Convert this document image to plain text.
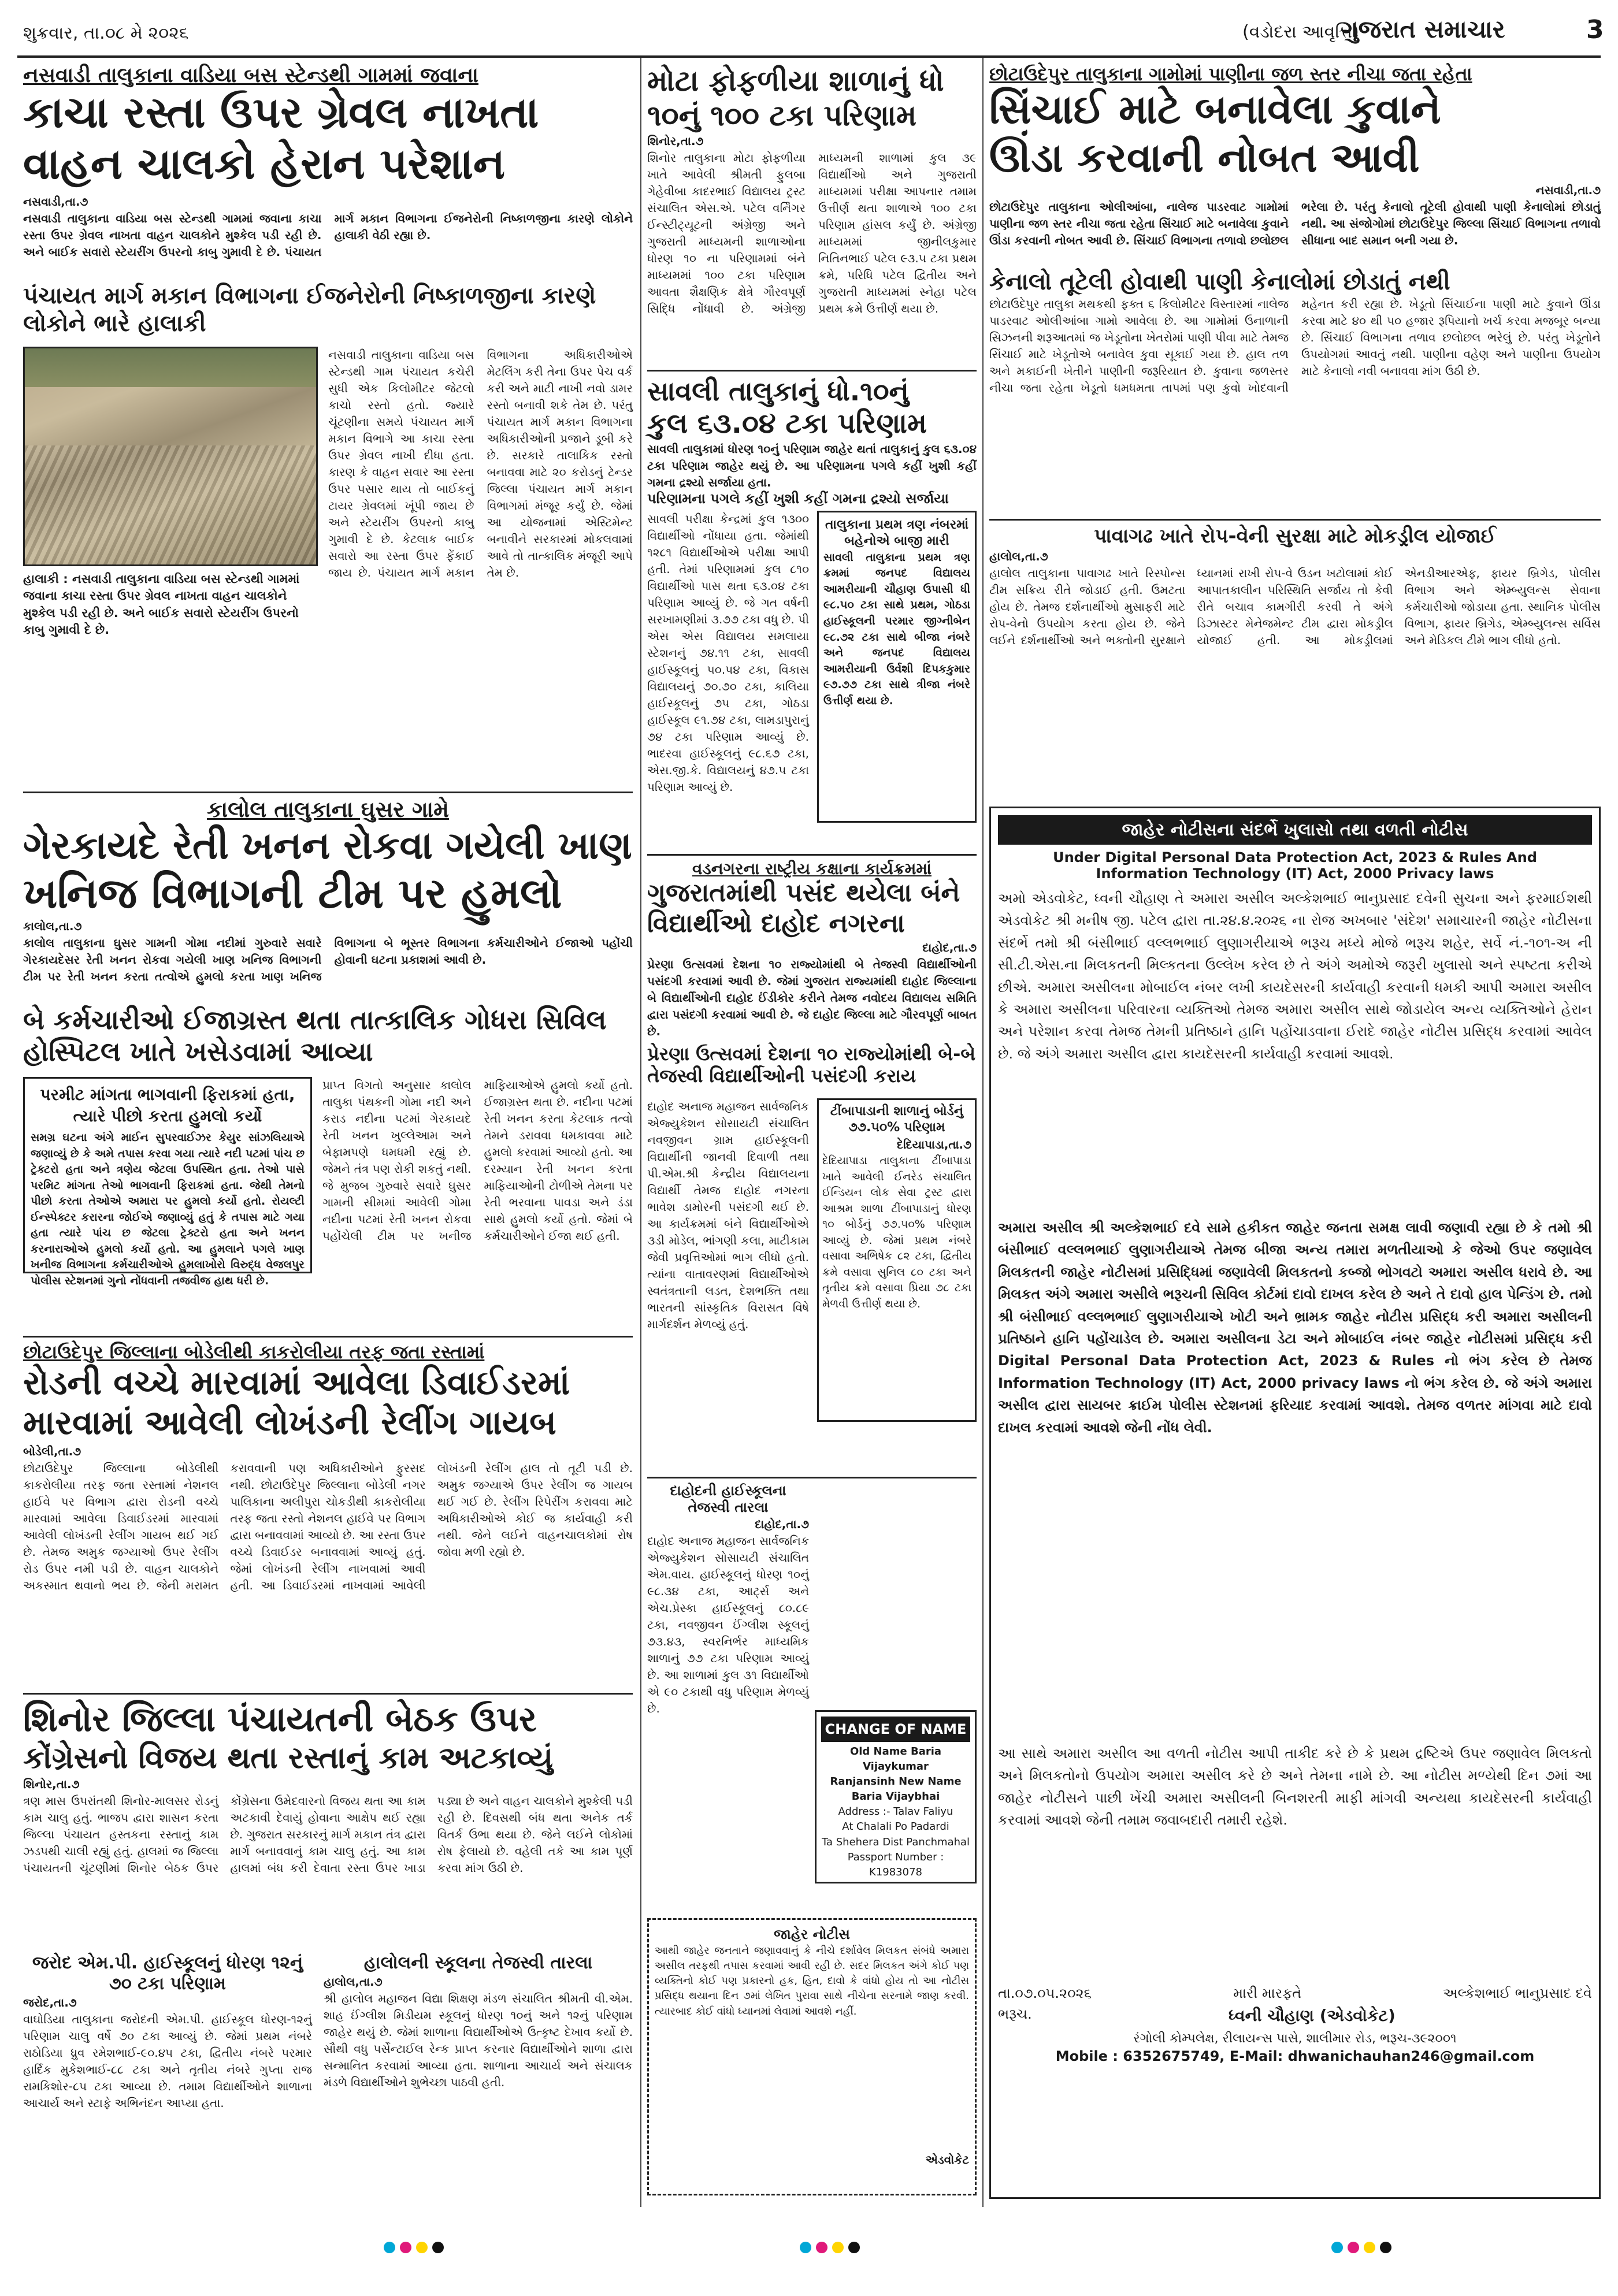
શુક્રવાર, તા.૦૮ મે ૨૦૨૬	(વડોદરા આવૃત્તિ)
ગુજરાત સમાચાર	3
નસવાડી તાલુકાના વાડિયા બસ સ્ટેન્ડથી ગામમાં જવાના
કાચા રસ્તા ઉપર ગ્રેવલ નાખતા
વાહન ચાલકો હેરાન પરેશાન
નસવાડી,તા.૭
નસવાડી તાલુકાના વાડિયા બસ સ્ટેન્ડથી ગામમાં જવાના કાચા રસ્તા ઉપર ગ્રેવલ નાખતા વાહન ચાલકોને મુશ્કેલ પડી રહી છે. અને બાઈક સવારો સ્ટેયરીંગ ઉપરનો કાબુ ગુમાવી દે છે. પંચાયત માર્ગ મકાન વિભાગના ઈજનેરોની નિષ્કાળજીના કારણે લોકોને હાલાકી વેઠી રહ્યા છે.
પંચાયત માર્ગ મકાન વિભાગના ઈજનેરોની નિષ્કાળજીના કારણે લોકોને ભારે હાલાકી
હાલાકી : નસવાડી તાલુકાના વાડિયા બસ સ્ટેન્ડથી ગામમાં જવાના કાચા રસ્તા ઉપર ગ્રેવલ નાખતા વાહન ચાલકોને મુશ્કેલ પડી રહી છે. અને બાઈક સવારો સ્ટેયરીંગ ઉપરનો કાબુ ગુમાવી દે છે.
નસવાડી તાલુકાના વાડિયા બસ સ્ટેન્ડથી ગામ પંચાયત કચેરી સુધી એક કિલોમીટર જેટલો કાચો રસ્તો હતો. જ્યારે ચૂંટણીના સમયે પંચાયત માર્ગ મકાન વિભાગે આ કાચા રસ્તા ઉપર ગ્રેવલ નાખી દીધા હતા. કારણ કે વાહન સવાર આ રસ્તા ઉપર પસાર થાય તો બાઈકનું ટાયર ગ્રેવલમાં ખૂંપી જાય છે અને સ્ટેયરીંગ ઉપરનો કાબુ ગુમાવી દે છે. કેટલાક બાઈક સવારો આ રસ્તા ઉપર ફેંકાઈ જાય છે. પંચાયત માર્ગ મકાન વિભાગના અધિકારીઓએ મેટલિંગ કરી તેના ઉપર પેચ વર્ક કરી અને માટી નાખી નવો ડામર રસ્તો બનાવી શકે તેમ છે. પરંતુ પંચાયત માર્ગ મકાન વિભાગના અધિકારીઓની પ્રજાને ડૂબી કરે છે. સરકારે તાલાકિક રસ્તો બનાવવા માટે ૨૦ કરોડનું ટેન્ડર જિલ્લા પંચાયત માર્ગ મકાન વિભાગમાં મંજૂર કર્યું છે. જેમાં આ યોજનામાં એસ્ટિમેન્ટ બનાવીને સરકારમાં મોકલવામાં આવે તો તાત્કાલિક મંજૂરી આપે તેમ છે.
કાલોલ તાલુકાના ઘુસર ગામે
ગેરકાયદે રેતી ખનન રોકવા ગયેલી ખાણ
ખનિજ વિભાગની ટીમ પર હુમલો
કાલોલ,તા.૭
કાલોલ તાલુકાના ઘુસર ગામની ગોમા નદીમાં ગુરુવારે સવારે ગેરકાયદેસર રેતી ખનન રોકવા ગયેલી ખાણ ખનિજ વિભાગની ટીમ પર રેતી ખનન કરતા તત્વોએ હુમલો કરતા ખાણ ખનિજ વિભાગના બે ભૂસ્તર વિભાગના કર્મચારીઓને ઈજાઓ પહોંચી હોવાની ઘટના પ્રકાશમાં આવી છે.
બે કર્મચારીઓ ઈજાગ્રસ્ત થતા તાત્કાલિક ગોધરા સિવિલ હોસ્પિટલ ખાતે ખસેડવામાં આવ્યા
પરમીટ માંગતા ભાગવાની ફિરાકમાં હતા, ત્યારે પીછો કરતા હુમલો કર્યો
સમગ્ર ઘટના અંગે માઈન સુપરવાઈઝર કેયુર સાંઝલિયાએ જણાવ્યું છે કે અમે તપાસ કરવા ગયા ત્યારે નદી પટમાં પાંચ છ ટ્રેક્ટરો હતા અને ત્રણેય જેટલા ઉપસ્થિત હતા. તેઓ પાસે પરમિટ માંગતા તેઓ ભાગવાની ફિરાકમાં હતા. જેથી તેમનો પીછો કરતા તેઓએ અમારા પર હુમલો કર્યો હતો. રોયલ્ટી ઈન્સ્પેક્ટર કરારના જોઈએ જણાવ્યું હતું કે તપાસ માટે ગયા હતા ત્યારે પાંચ છ જેટલા ટ્રેક્ટરો હતા અને ખનન કરનારાઓએ હુમલો કર્યો હતો. આ હુમલાને પગલે ખાણ ખનીજ વિભાગના કર્મચારીઓએ હુમલાખોરો વિરુદ્ધ વેજલપુર પોલીસ સ્ટેશનમાં ગુનો નોંધવાની તજવીજ હાથ ધરી છે.
પ્રાપ્ત વિગતો અનુસાર કાલોલ તાલુકા પંથકની ગોમા નદી અને કરાડ નદીના પટમાં ગેરકાયદે રેતી ખનન ખુલ્લેઆમ અને બેફામપણે ધમધમી રહ્યું છે. જેમને તંત્ર પણ રોકી શકતું નથી. જે મુજબ ગુરુવારે સવારે ઘુસર ગામની સીમમાં આવેલી ગોમા નદીના પટમાં રેતી ખનન રોકવા પહોંચેલી ટીમ પર ખનીજ માફિયાઓએ હુમલો કર્યો હતો. ઈજાગ્રસ્ત થતા છે. નદીના પટમાં રેતી ખનન કરતા કેટલાક તત્વો તેમને ડરાવવા ધમકાવવા માટે હુમલો કરવામાં આવ્યો હતો. આ દરમ્યાન રેતી ખનન કરતા માફિયાઓની ટોળીએ તેમના પર રેતી ભરવાના પાવડા અને ડંડા સાથે હુમલો કર્યો હતો. જેમાં બે કર્મચારીઓને ઈજા થઈ હતી.
છોટાઉદેપુર જિલ્લાના બોડેલીથી કાકરોલીયા તરફ જતા રસ્તામાં
રોડની વચ્ચે મારવામાં આવેલા ડિવાઈડરમાં
મારવામાં આવેલી લોખંડની રેલીંગ ગાયબ
બોડેલી,તા.૭
છોટાઉદેપુર જિલ્લાના બોડેલીથી કાકરોલીયા તરફ જતા રસ્તામાં નેશનલ હાઈવે પર વિભાગ દ્વારા રોડની વચ્ચે મારવામાં આવેલા ડિવાઈડરમાં મારવામાં આવેલી લોખંડની રેલીંગ ગાયબ થઈ ગઈ છે. તેમજ અમુક જગ્યાઓ ઉપર રેલીંગ રોડ ઉપર નમી પડી છે. વાહન ચાલકોને અકસ્માત થવાનો ભય છે. જેની મરામત કરાવવાની પણ અધિકારીઓને ફુરસદ નથી. છોટાઉદેપુર જિલ્લાના બોડેલી નગર પાલિકાના અલીપુરા ચોકડીથી કાકરોલીયા તરફ જતા રસ્તો નેશનલ હાઈવે પર વિભાગ દ્વારા બનાવવામાં આવ્યો છે. આ રસ્તા ઉપર વચ્ચે ડિવાઈડર બનાવવામાં આવ્યું હતું. જેમાં લોખંડની રેલીંગ નાખવામાં આવી હતી. આ ડિવાઈડરમાં નાખવામાં આવેલી લોખંડની રેલીંગ હાલ તો તૂટી પડી છે. અમુક જગ્યાએ ઉપર રેલીંગ જ ગાયબ થઈ ગઈ છે. રેલીંગ રિપેરીંગ કરાવવા માટે અધિકારીઓએ કોઈ જ કાર્યવાહી કરી નથી. જેને લઈને વાહનચાલકોમાં રોષ જોવા મળી રહ્યો છે.
શિનોર જિલ્લા પંચાયતની બેઠક ઉપર
કોંગ્રેસનો વિજય થતા રસ્તાનું કામ અટકાવ્યું
શિનોર,તા.૭
ત્રણ માસ ઉપરાંતથી શિનોર-માલસર રોડનું કામ ચાલુ હતું. ભાજપ દ્વારા શાસન કરતા જિલ્લા પંચાયત હસ્તકના રસ્તાનું કામ ઝડપથી ચાલી રહ્યું હતું. હાલમાં જ જિલ્લા પંચાયતની ચૂંટણીમાં શિનોર બેઠક ઉપર કોંગ્રેસના ઉમેદવારનો વિજય થતા આ કામ અટકાવી દેવાયું હોવાના આક્ષેપ થઈ રહ્યા છે. ગુજરાત સરકારનું માર્ગ મકાન તંત્ર દ્વારા માર્ગ બનાવવાનું કામ ચાલુ હતું. આ કામ હાલમાં બંધ કરી દેવાતા રસ્તા ઉપર ખાડા પડ્યા છે અને વાહન ચાલકોને મુશ્કેલી પડી રહી છે. દિવસથી બંધ થતા અનેક તર્ક વિતર્ક ઉભા થયા છે. જેને લઈને લોકોમાં રોષ ફેલાયો છે. વહેલી તકે આ કામ પૂર્ણ કરવા માંગ ઉઠી છે.
જરોદ એમ.પી. હાઈસ્કૂલનું ધોરણ ૧૨નું ૭૦ ટકા પરિણામ
જરોદ,તા.૭
વાઘોડિયા તાલુકાના જરોદની એમ.પી. હાઈસ્કૂલ ધોરણ-૧૨નું પરિણામ ચાલુ વર્ષે ૭૦ ટકા આવ્યું છે. જેમાં પ્રથમ નંબરે રાઠોડિયા ધ્રુવ રમેશભાઈ-૯૦.૪૫ ટકા, દ્વિતીય નંબરે પરમાર હાર્દિક મુકેશભાઈ-૮૮ ટકા અને તૃતીય નંબરે ગુપ્તા રાજ રામકિશોર-૮૫ ટકા આવ્યા છે. તમામ વિદ્યાર્થીઓને શાળાના આચાર્ય અને સ્ટાફે અભિનંદન આપ્યા હતા.
હાલોલની સ્કૂલના તેજસ્વી તારલા
હાલોલ,તા.૭
શ્રી હાલોલ મહાજન વિદ્યા શિક્ષણ મંડળ સંચાલિત શ્રીમતી વી.એમ. શાહ ઈંગ્લીશ મિડીયમ સ્કૂલનું ધોરણ ૧૦નું અને ૧૨નું પરિણામ જાહેર થયું છે. જેમાં શાળાના વિદ્યાર્થીઓએ ઉત્કૃષ્ટ દેખાવ કર્યો છે. સૌથી વધુ પર્સેન્ટાઈલ રેન્ક પ્રાપ્ત કરનાર વિદ્યાર્થીઓને શાળા દ્વારા સન્માનિત કરવામાં આવ્યા હતા. શાળાના આચાર્ય અને સંચાલક મંડળે વિદ્યાર્થીઓને શુભેચ્છા પાઠવી હતી.
મોટા ફોફળીયા શાળાનું ધો
૧૦નું ૧૦૦ ટકા પરિણામ
શિનોર,તા.૭
શિનોર તાલુકાના મોટા ફોફળીયા ખાતે આવેલી શ્રીમતી ફુલબા ગેહેવીબા કાદરભાઈ વિદ્યાલય ટ્રસ્ટ સંચાલિત એસ.એ. પટેલ વર્નિંગર ઈન્સ્ટીટ્યૂટની અંગ્રેજી અને ગુજરાતી માધ્યમની શાળાઓના ધોરણ ૧૦ ના પરિણામમાં બંને માધ્યમમાં ૧૦૦ ટકા પરિણામ આવતા શૈક્ષણિક ક્ષેત્રે ગૌરવપૂર્ણ સિદ્ધિ નોંધાવી છે. અંગ્રેજી માધ્યમની શાળામાં કુલ ૩૯ વિદ્યાર્થીઓ અને ગુજરાતી માધ્યમમાં પરીક્ષા આપનાર તમામ ઉત્તીર્ણ થતા શાળાએ ૧૦૦ ટકા પરિણામ હાંસલ કર્યું છે. અંગ્રેજી માધ્યમમાં જીનીલકુમાર નિતિનભાઈ પટેલ ૯૩.૫ ટકા પ્રથમ ક્રમે, પરિધિ પટેલ દ્વિતીય અને ગુજરાતી માધ્યમમાં સ્નેહા પટેલ પ્રથમ ક્રમે ઉત્તીર્ણ થયા છે.
સાવલી તાલુકાનું ધો.૧૦નું
કુલ ૬૩.૦૪ ટકા પરિણામ
સાવલી તાલુકામાં ધોરણ ૧૦નું પરિણામ જાહેર થતાં તાલુકાનું કુલ ૬૩.૦૪ ટકા પરિણામ જાહેર થયું છે. આ પરિણામના પગલે કહીં ખુશી કહીં ગમના દ્રશ્યો સર્જાયા હતા.
પરિણામના પગલે કહીં ખુશી કહીં ગમના દ્રશ્યો સર્જાયા
સાવલી પરીક્ષા કેન્દ્રમાં કુલ ૧૩૦૦ વિદ્યાર્થીઓ નોંધાયા હતા. જેમાંથી ૧૨૮૧ વિદ્યાર્થીઓએ પરીક્ષા આપી હતી. તેમાં પરિણામમાં કુલ ૮૧૦ વિદ્યાર્થીઓ પાસ થતા ૬૩.૦૪ ટકા પરિણામ આવ્યું છે. જે ગત વર્ષની સરખામણીમાં ૩.૭૭ ટકા વધુ છે. પી એસ એસ વિદ્યાલય સમલાયા સ્ટેશનનું ૭૪.૧૧ ટકા, સાવલી હાઈસ્કૂલનું ૫૦.૫૪ ટકા, વિકાસ વિદ્યાલયનું ૭૦.૭૦ ટકા, કાલિયા હાઈસ્કૂલનું ૭૫ ટકા, ગોઠડા હાઈસ્કૂલ ૯૧.૭૪ ટકા, લામડાપુરાનું ૭૪ ટકા પરિણામ આવ્યું છે. ભાદરવા હાઈસ્કૂલનું ૯૮.૬૭ ટકા, એસ.જી.કે. વિદ્યાલયનું ૪૭.૫ ટકા પરિણામ આવ્યું છે.
તાલુકાના પ્રથમ ત્રણ નંબરમાં બહેનોએ બાજી મારી
સાવલી તાલુકાના પ્રથમ ત્રણ ક્રમમાં જનપદ વિદ્યાલય આમરીયાની ચૌહાણ ઉપાસી ધી ૯૮.૫૦ ટકા સાથે પ્રથમ, ગોઠડા હાઈસ્કૂલની પરમાર જીગ્નીબેન ૯૮.૭૨ ટકા સાથે બીજા નંબરે અને જનપદ વિદ્યાલય આમરીયાની ઉર્વશી દિપકકુમાર ૯૭.૭૭ ટકા સાથે ત્રીજા નંબરે ઉત્તીર્ણ થયા છે.
વડનગરના રાષ્ટ્રીય કક્ષાના કાર્યક્રમમાં
ગુજરાતમાંથી પસંદ થયેલા બંને
વિદ્યાર્થીઓ દાહોદ નગરના
દાહોદ,તા.૭
પ્રેરણા ઉત્સવમાં દેશના ૧૦ રાજ્યોમાંથી બે તેજસ્વી વિદ્યાર્થીઓની પસંદગી કરવામાં આવી છે. જેમાં ગુજરાત રાજ્યમાંથી દાહોદ જિલ્લાના બે વિદ્યાર્થીઓની દાહોદ ઈંડીકોર કરીને તેમજ નવોદય વિદ્યાલય સમિતિ દ્વારા પસંદગી કરવામાં આવી છે. જે દાહોદ જિલ્લા માટે ગૌરવપૂર્ણ બાબત છે.
પ્રેરણા ઉત્સવમાં દેશના ૧૦ રાજ્યોમાંથી બે-બે તેજસ્વી વિદ્યાર્થીઓની પસંદગી કરાય
દાહોદ અનાજ મહાજન સાર્વજનિક એજ્યુકેશન સોસાયટી સંચાલિત નવજીવન ગ્રામ હાઈસ્કૂલની વિદ્યાર્થીની જાનવી દિવાળી તથા પી.એમ.શ્રી કેન્દ્રીય વિદ્યાલયના વિદ્યાર્થી તેમજ દાહોદ નગરના ભાવેશ ડામોરની પસંદગી થઈ છે. આ કાર્યક્રમમાં બંને વિદ્યાર્થીઓએ ૩ડી મોડેલ, ભાંગણી કલા, માટીકામ જેવી પ્રવૃત્તિઓમાં ભાગ લીધો હતો. ત્યાંના વાતાવરણમાં વિદ્યાર્થીઓએ સ્વતંત્રતાની લડત, દેશભક્તિ તથા ભારતની સાંસ્કૃતિક વિરાસત વિષે માર્ગદર્શન મેળવ્યું હતું.
ટીંબાપાડાની શાળાનું બોર્ડનું ૭૭.૫૦% પરિણામ
દેદિયાપાડા,તા.૭
દેદિયાપાડા તાલુકાના ટીંબાપાડા ખાતે આવેલી ઈનરેડ સંચાલિત ઈન્ડિયન લોક સેવા ટ્રસ્ટ દ્વારા આશ્રમ શાળા ટીંબાપાડાનું ધોરણ ૧૦ બોર્ડનું ૭૭.૫૦% પરિણામ આવ્યું છે. જેમાં પ્રથમ નંબરે વસાવા અભિષેક ૮૨ ટકા, દ્વિતીય ક્રમે વસાવા સુનિલ ૮૦ ટકા અને તૃતીય ક્રમે વસાવા પ્રિયા ૭૮ ટકા મેળવી ઉત્તીર્ણ થયા છે.
દાહોદની હાઈસ્કૂલના તેજસ્વી તારલા
દાહોદ,તા.૭
દાહોદ અનાજ મહાજન સાર્વજનિક એજ્યુકેશન સોસાયટી સંચાલિત એમ.વાય. હાઈસ્કૂલનું ધોરણ ૧૦નું ૯૮.૩૪ ટકા, આર્ટ્સ અને એચ.પ્રેસ્કા હાઈસ્કૂલનું ૮૦.૮૯ ટકા, નવજીવન ઈંગ્લીશ સ્કૂલનું ૭૩.૪૩, સ્વરનિર્ભર માધ્યમિક શાળાનું ૭૭ ટકા પરિણામ આવ્યું છે. આ શાળામાં કુલ ૩૧ વિદ્યાર્થીઓ એ ૯૦ ટકાથી વધુ પરિણામ મેળવ્યું છે.
CHANGE OF NAME
Old Name Baria Vijaykumar
Ranjansinh New Name
Baria Vijaybhai
Address :- Talav Faliyu
At Chalali Po Padardi
Ta Shehera Dist Panchmahal
Passport Number : K1983078
જાહેર નોટીસ
આથી જાહેર જનતાને જણાવવાનું કે નીચે દર્શાવેલ મિલકત સંબંધે અમારા અસીલ તરફથી તપાસ કરવામાં આવી રહી છે. સદર મિલકત અંગે કોઈ પણ વ્યક્તિનો કોઈ પણ પ્રકારનો હક, હિત, દાવો કે વાંધો હોય તો આ નોટીસ પ્રસિદ્ધ થયાના દિન ૭માં લેખિત પુરાવા સાથે નીચેના સરનામે જાણ કરવી. ત્યારબાદ કોઈ વાંધો ધ્યાનમાં લેવામાં આવશે નહીં.
એડવોકેટ
છોટાઉદેપુર તાલુકાના ગામોમાં પાણીના જળ સ્તર નીચા જતા રહેતા
સિંચાઈ માટે બનાવેલા કુવાને
ઊંડા કરવાની નોબત આવી
નસવાડી,તા.૭
છોટાઉદેપુર તાલુકાના ઓલીઆંબા, નાલેજ પાડરવાટ ગામોમાં પાણીના જળ સ્તર નીચા જતા રહેતા સિંચાઈ માટે બનાવેલા કુવાને ઊંડા કરવાની નોબત આવી છે. સિંચાઈ વિભાગના તળાવો છલોછલ ભરેલા છે. પરંતુ કેનાલો તૂટેલી હોવાથી પાણી કેનાલોમાં છોડાતું નથી. આ સંજોગોમાં છોટાઉદેપુર જિલ્લા સિંચાઈ વિભાગના તળાવો સીધાના બાદ સમાન બની ગયા છે.
કેનાલો તૂટેલી હોવાથી પાણી કેનાલોમાં છોડાતું નથી
છોટાઉદેપુર તાલુકા મથકથી ફક્ત ૬ કિલોમીટર વિસ્તારમાં નાલેજ પાડરવાટ ઓલીઆંબા ગામો આવેલા છે. આ ગામોમાં ઉનાળાની સિઝનની શરૂઆતમાં જ ખેડૂતોના ખેતરોમાં પાણી પીવા માટે તેમજ સિંચાઈ માટે ખેડૂતોએ બનાવેલ કુવા સૂકાઈ ગયા છે. હાલ તળ અને મકાઈની ખેતીને પાણીની જરૂરિયાત છે. કુવાના જળસ્તર નીચા જતા રહેતા ખેડૂતો ધમધમતા તાપમાં પણ કુવો ખોદવાની મહેનત કરી રહ્યા છે. ખેડૂતો સિંચાઈના પાણી માટે કુવાને ઊંડા કરવા માટે ૪૦ થી ૫૦ હજાર રૂપિયાનો ખર્ચ કરવા મજબૂર બન્યા છે. સિંચાઈ વિભાગના તળાવ છલોછલ ભરેલું છે. પરંતુ ખેડૂતોને ઉપયોગમાં આવતું નથી. પાણીના વહેણ અને પાણીના ઉપયોગ માટે કેનાલો નવી બનાવવા માંગ ઉઠી છે.
પાવાગઢ ખાતે રોપ-વેની સુરક્ષા માટે મોકડ્રીલ યોજાઈ
હાલોલ,તા.૭
હાલોલ તાલુકાના પાવાગઢ ખાતે રિસ્પોન્સ ટીમ સક્રિય રીતે જોડાઈ હતી. ઉમટતા હોય છે. તેમજ દર્શનાર્થીઓ મુસાફરી માટે રોપ-વેનો ઉપયોગ કરતા હોય છે. જેને લઈને દર્શનાર્થીઓ અને ભક્તોની સુરક્ષાને ધ્યાનમાં રાખી રોપ-વે ઉડન ખટોલામાં કોઈ આપાતકાલીન પરિસ્થિતિ સર્જાય તો કેવી રીતે બચાવ કામગીરી કરવી તે અંગે ડિઝાસ્ટર મેનેજમેન્ટ ટીમ દ્વારા મોકડ્રીલ યોજાઈ હતી. આ મોકડ્રીલમાં એનડીઆરએફ, ફાયર બ્રિગેડ, પોલીસ વિભાગ અને એમ્બ્યુલન્સ સેવાના કર્મચારીઓ જોડાયા હતા. સ્થાનિક પોલીસ વિભાગ, ફાયર બ્રિગેડ, એમ્બ્યુલન્સ સર્વિસ અને મેડિકલ ટીમે ભાગ લીધો હતો.
જાહેર નોટીસના સંદર્ભે ખુલાસો તથા વળતી નોટીસ
Under Digital Personal Data Protection Act, 2023 & Rules And
Information Technology (IT) Act, 2000 Privacy laws
અમો એડવોકેટ, ધ્વની ચૌહાણ તે અમારા અસીલ અલ્કેશભાઈ ભાનુપ્રસાદ દવેની સુચના અને ફરમાઈશથી એડવોકેટ શ્રી મનીષ જી. પટેલ દ્વારા તા.૨૪.૪.૨૦૨૬ ના રોજ અખબાર 'સંદેશ' સમાચારની જાહેર નોટીસના સંદર્ભે તમો શ્રી બંસીભાઈ વલ્લભભાઈ લુણાગરીયાએ ભરૂચ મધ્યે મોજે ભરૂચ શહેર, સર્વે નં.-૧૦૧-અ ની સી.ટી.એસ.ના મિલકતની મિલ્કતના ઉલ્લેખ કરેલ છે તે અંગે અમોએ જરૂરી ખુલાસો અને સ્પષ્ટતા કરીએ છીએ. અમારા અસીલના મોબાઈલ નંબર લખી કાયદેસરની કાર્યવાહી કરવાની ધમકી આપી અમારા અસીલ કે અમારા અસીલના પરિવારના વ્યક્તિઓ તેમજ અમારા અસીલ સાથે જોડાયેલ અન્ય વ્યક્તિઓને હેરાન અને પરેશાન કરવા તેમજ તેમની પ્રતિષ્ઠાને હાનિ પહોંચાડવાના ઈરાદે જાહેર નોટીસ પ્રસિદ્ધ કરવામાં આવેલ છે. જે અંગે અમારા અસીલ દ્વારા કાયદેસરની કાર્યવાહી કરવામાં આવશે.
અમારા અસીલ શ્રી અલ્કેશભાઈ દવે સામે હકીકત જાહેર જનતા સમક્ષ લાવી જણાવી રહ્યા છે કે તમો શ્રી બંસીભાઈ વલ્લભભાઈ લુણાગરીયાએ તેમજ બીજા અન્ય તમારા મળતીયાઓ કે જેઓ ઉપર જણાવેલ મિલકતની જાહેર નોટીસમાં પ્રસિદ્ધિમાં જણાવેલી મિલકતનો કબ્જો ભોગવટો અમારા અસીલ ધરાવે છે. આ મિલકત અંગે અમારા અસીલે ભરૂચની સિવિલ કોર્ટમાં દાવો દાખલ કરેલ છે અને તે દાવો હાલ પેન્ડિંગ છે. તમો શ્રી બંસીભાઈ વલ્લભભાઈ લુણાગરીયાએ ખોટી અને ભ્રામક જાહેર નોટીસ પ્રસિદ્ધ કરી અમારા અસીલની પ્રતિષ્ઠાને હાનિ પહોંચાડેલ છે. અમારા અસીલના ડેટા અને મોબાઈલ નંબર જાહેર નોટીસમાં પ્રસિદ્ધ કરી Digital Personal Data Protection Act, 2023 & Rules નો ભંગ કરેલ છે તેમજ Information Technology (IT) Act, 2000 privacy laws નો ભંગ કરેલ છે. જે અંગે અમારા અસીલ દ્વારા સાયબર ક્રાઈમ પોલીસ સ્ટેશનમાં ફરિયાદ કરવામાં આવશે. તેમજ વળતર માંગવા માટે દાવો દાખલ કરવામાં આવશે જેની નોંધ લેવી.
આ સાથે અમારા અસીલ આ વળતી નોટીસ આપી તાકીદ કરે છે કે પ્રથમ દ્રષ્ટિએ ઉપર જણાવેલ મિલકતો અને મિલકતોનો ઉપયોગ અમારા અસીલ કરે છે અને તેમના નામે છે. આ નોટીસ મળ્યેથી દિન ૭માં આ જાહેર નોટીસને પાછી ખેંચી અમારા અસીલની બિનશરતી માફી માંગવી અન્યથા કાયદેસરની કાર્યવાહી કરવામાં આવશે જેની તમામ જવાબદારી તમારી રહેશે.
તા.૦૭.૦૫.૨૦૨૬	મારી મારફતે	અલ્કેશભાઈ ભાનુપ્રસાદ દવે
ભરૂચ.	ધ્વની ચૌહાણ (એડવોકેટ)
રંગોલી કોમ્પલેક્ષ, રીલાયન્સ પાસે, શાલીમાર રોડ, ભરૂચ-૩૯૨૦૦૧
Mobile : 6352675749, E-Mail: dhwanichauhan246@gmail.com
